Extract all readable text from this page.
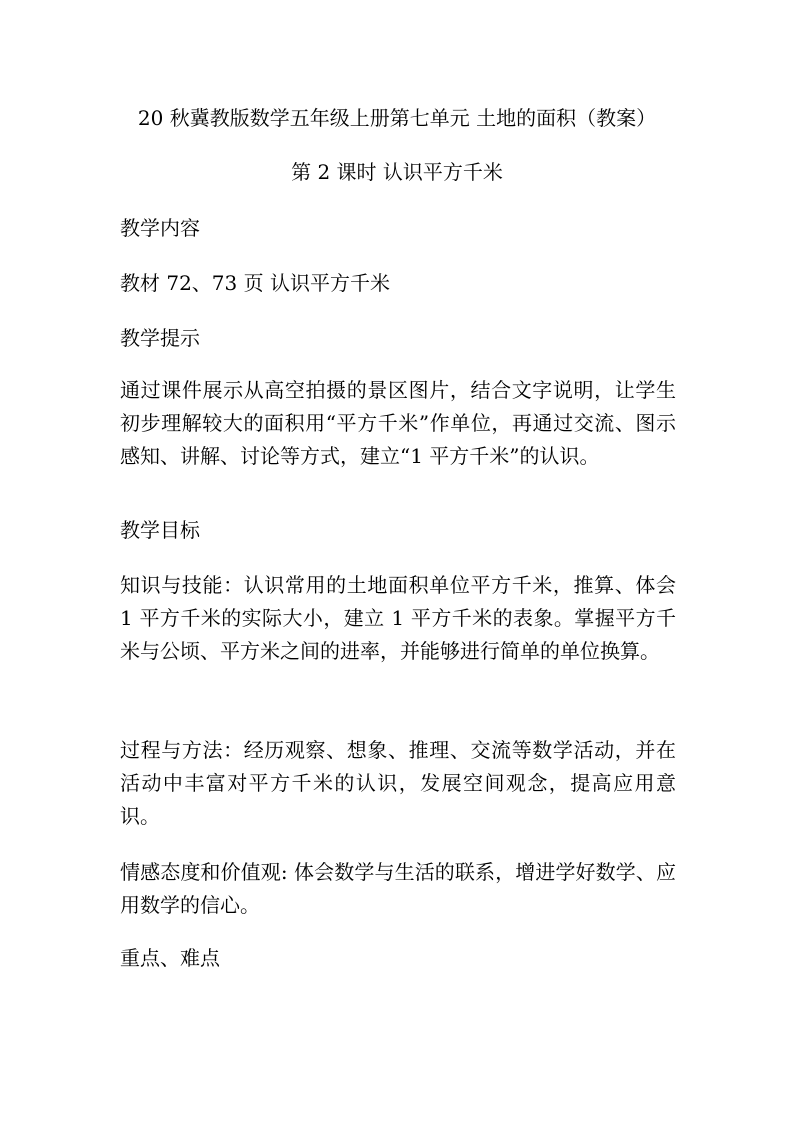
20 秋冀教版数学五年级上册第七单元 土地的面积（教案）
第 2 课时 认识平方千米
教学内容
教材 72、73 页 认识平方千米
教学提示
通过课件展示从高空拍摄的景区图片，结合文字说明，让学生初步理解较大的面积用“平方千米”作单位，再通过交流、图示感知、讲解、讨论等方式，建立“1 平方千米”的认识。
教学目标
知识与技能：认识常用的土地面积单位平方千米，推算、体会 1 平方千米的实际大小，建立 1 平方千米的表象。掌握平方千米与公顷、平方米之间的进率，并能够进行简单的单位换算。
过程与方法：经历观察、想象、推理、交流等数学活动，并在活动中丰富对平方千米的认识，发展空间观念，提高应用意识。
情感态度和价值观: 体会数学与生活的联系，增进学好数学、应用数学的信心。
重点、难点
